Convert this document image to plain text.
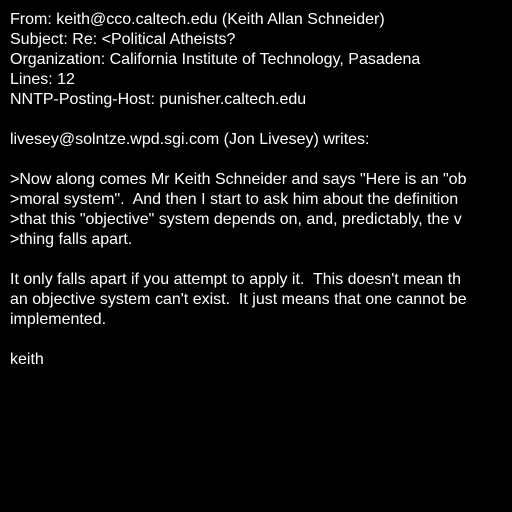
From: keith@cco.caltech.edu (Keith Allan Schneider)
Subject: Re: <Political Atheists?
Organization: California Institute of Technology, Pasadena
Lines: 12
NNTP-Posting-Host: punisher.caltech.edu
livesey@solntze.wpd.sgi.com (Jon Livesey) writes:
>Now along comes Mr Keith Schneider and says "Here is an "ob
>moral system".  And then I start to ask him about the definition
>that this "objective" system depends on, and, predictably, the v
>thing falls apart.
It only falls apart if you attempt to apply it.  This doesn't mean th
an objective system can't exist.  It just means that one cannot be
implemented.
keith
